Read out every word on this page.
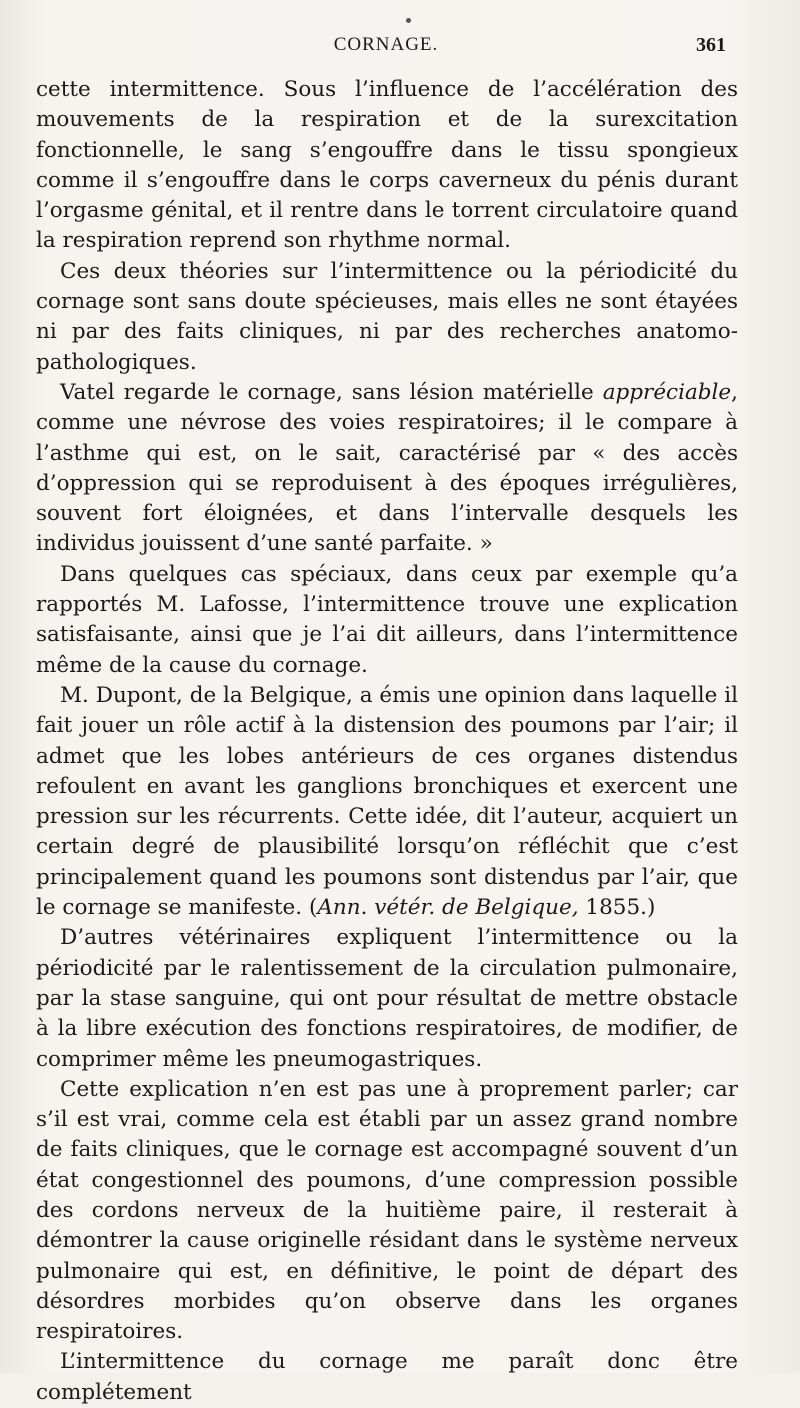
CORNAGE.	361

cette intermittence. Sous l’influence de l’accélération des mouvements de la respiration et de la surexcitation fonctionnelle, le sang s’engouffre dans le tissu spongieux comme il s’engouffre dans le corps caverneux du pénis durant l’orgasme génital, et il rentre dans le torrent circulatoire quand la respiration reprend son rhythme normal.

Ces deux théories sur l’intermittence ou la périodicité du cornage sont sans doute spécieuses, mais elles ne sont étayées ni par des faits cliniques, ni par des recherches anatomo-pathologiques.

Vatel regarde le cornage, sans lésion matérielle appréciable, comme une névrose des voies respiratoires; il le compare à l’asthme qui est, on le sait, caractérisé par « des accès d’oppression qui se reproduisent à des époques irrégulières, souvent fort éloignées, et dans l’intervalle desquels les individus jouissent d’une santé parfaite. »

Dans quelques cas spéciaux, dans ceux par exemple qu’a rapportés M. Lafosse, l’intermittence trouve une explication satisfaisante, ainsi que je l’ai dit ailleurs, dans l’intermittence même de la cause du cornage.

M. Dupont, de la Belgique, a émis une opinion dans laquelle il fait jouer un rôle actif à la distension des poumons par l’air; il admet que les lobes antérieurs de ces organes distendus refoulent en avant les ganglions bronchiques et exercent une pression sur les récurrents. Cette idée, dit l’auteur, acquiert un certain degré de plausibilité lorsqu’on réfléchit que c’est principalement quand les poumons sont distendus par l’air, que le cornage se manifeste. (Ann. vétér. de Belgique, 1855.)

D’autres vétérinaires expliquent l’intermittence ou la périodicité par le ralentissement de la circulation pulmonaire, par la stase sanguine, qui ont pour résultat de mettre obstacle à la libre exécution des fonctions respiratoires, de modifier, de comprimer même les pneumogastriques.

Cette explication n’en est pas une à proprement parler; car s’il est vrai, comme cela est établi par un assez grand nombre de faits cliniques, que le cornage est accompagné souvent d’un état congestionnel des poumons, d’une compression possible des cordons nerveux de la huitième paire, il resterait à démontrer la cause originelle résidant dans le système nerveux pulmonaire qui est, en définitive, le point de départ des désordres morbides qu’on observe dans les organes respiratoires.

L’intermittence du cornage me paraît donc être complétement
